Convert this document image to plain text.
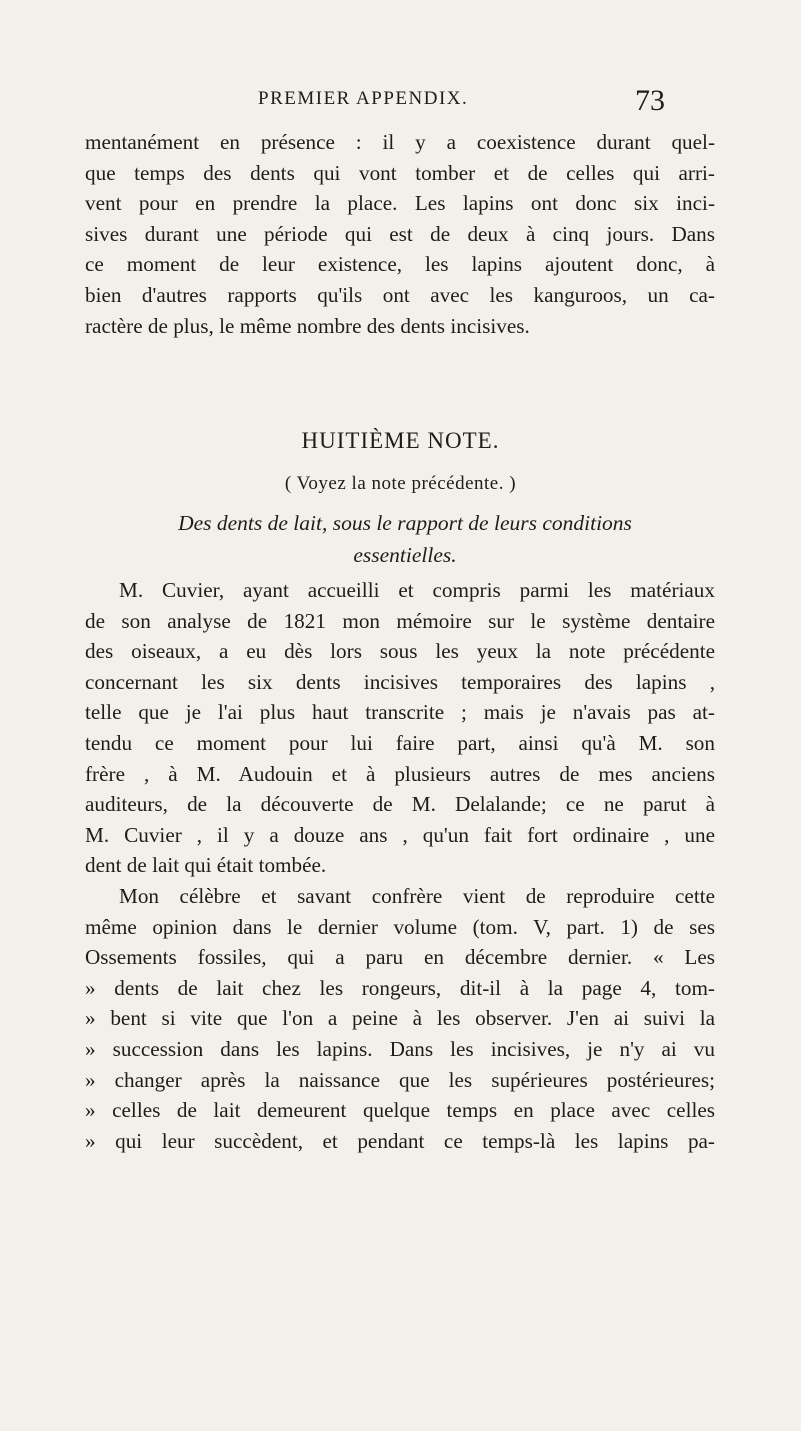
PREMIER APPENDIX.	73
mentanément en présence : il y a coexistence durant quel-
que temps des dents qui vont tomber et de celles qui arri-
vent pour en prendre la place. Les lapins ont donc six inci-
sives durant une période qui est de deux à cinq jours. Dans
ce moment de leur existence, les lapins ajoutent donc, à
bien d'autres rapports qu'ils ont avec les kanguroos, un ca-
ractère de plus, le même nombre des dents incisives.
HUITIÈME NOTE.
( Voyez la note précédente. )
Des dents de lait, sous le rapport de leurs conditions
essentielles.
M. Cuvier, ayant accueilli et compris parmi les matériaux
de son analyse de 1821 mon mémoire sur le système dentaire
des oiseaux, a eu dès lors sous les yeux la note précédente
concernant les six dents incisives temporaires des lapins ,
telle que je l'ai plus haut transcrite ; mais je n'avais pas at-
tendu ce moment pour lui faire part, ainsi qu'à M. son
frère , à M. Audouin et à plusieurs autres de mes anciens
auditeurs, de la découverte de M. Delalande; ce ne parut à
M. Cuvier , il y a douze ans , qu'un fait fort ordinaire , une
dent de lait qui était tombée.
Mon célèbre et savant confrère vient de reproduire cette
même opinion dans le dernier volume (tom. V, part. 1) de ses
Ossements fossiles, qui a paru en décembre dernier. « Les
» dents de lait chez les rongeurs, dit-il à la page 4, tom-
» bent si vite que l'on a peine à les observer. J'en ai suivi la
» succession dans les lapins. Dans les incisives, je n'y ai vu
» changer après la naissance que les supérieures postérieures;
» celles de lait demeurent quelque temps en place avec celles
» qui leur succèdent, et pendant ce temps-là les lapins pa-
